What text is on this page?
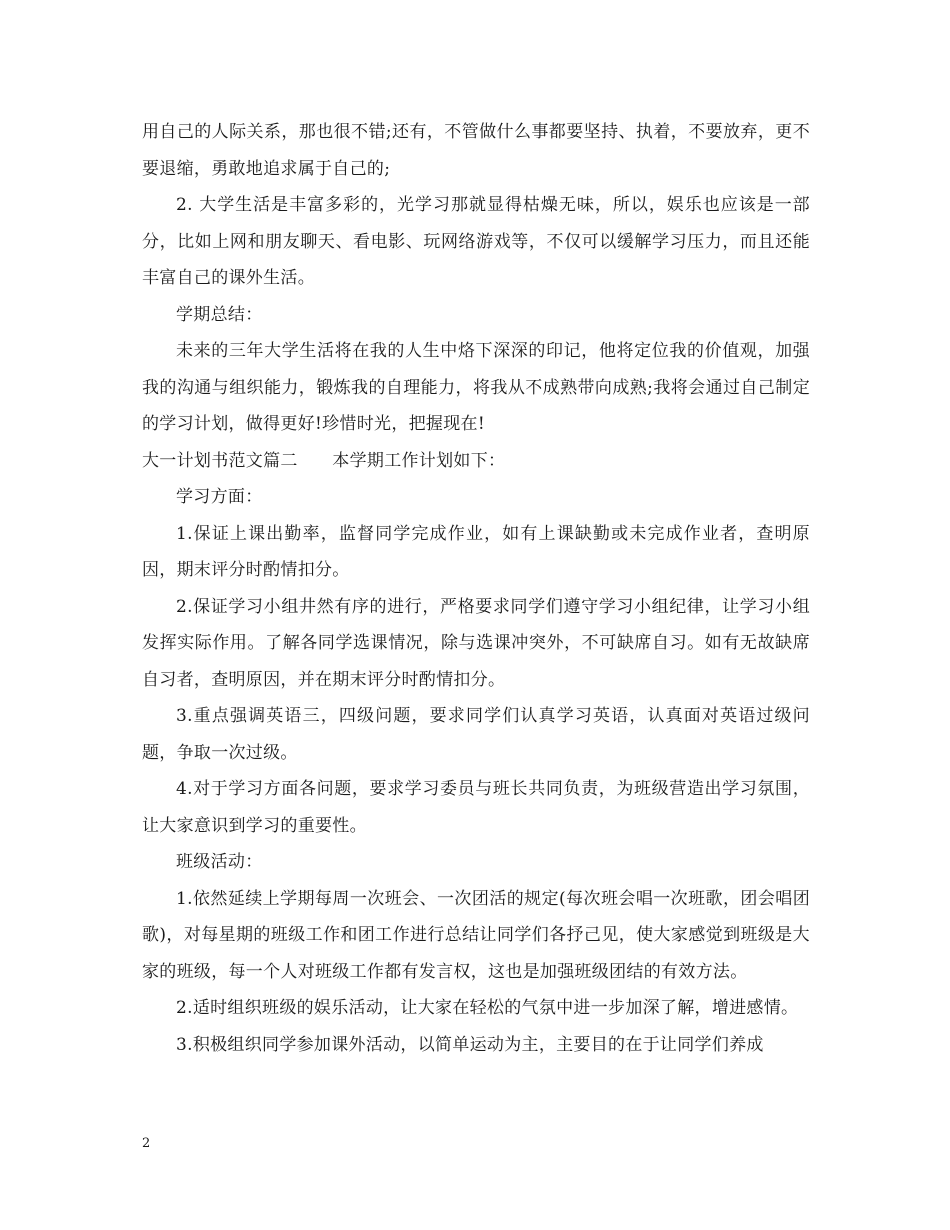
用自己的人际关系，那也很不错;还有，不管做什么事都要坚持、执着，不要放弃，更不要退缩，勇敢地追求属于自己的;

2. 大学生活是丰富多彩的，光学习那就显得枯燥无味，所以，娱乐也应该是一部分，比如上网和朋友聊天、看电影、玩网络游戏等，不仅可以缓解学习压力，而且还能丰富自己的课外生活。

学期总结：

未来的三年大学生活将在我的人生中烙下深深的印记，他将定位我的价值观，加强我的沟通与组织能力，锻炼我的自理能力，将我从不成熟带向成熟;我将会通过自己制定的学习计划，做得更好!珍惜时光，把握现在!

大一计划书范文篇二　　本学期工作计划如下：

学习方面：

1.保证上课出勤率，监督同学完成作业，如有上课缺勤或未完成作业者，查明原因，期末评分时酌情扣分。

2.保证学习小组井然有序的进行，严格要求同学们遵守学习小组纪律，让学习小组发挥实际作用。了解各同学选课情况，除与选课冲突外，不可缺席自习。如有无故缺席自习者，查明原因，并在期末评分时酌情扣分。

3.重点强调英语三，四级问题，要求同学们认真学习英语，认真面对英语过级问题，争取一次过级。

4.对于学习方面各问题，要求学习委员与班长共同负责，为班级营造出学习氛围，让大家意识到学习的重要性。

班级活动：

1.依然延续上学期每周一次班会、一次团活的规定(每次班会唱一次班歌，团会唱团歌)，对每星期的班级工作和团工作进行总结让同学们各抒己见，使大家感觉到班级是大家的班级，每一个人对班级工作都有发言权，这也是加强班级团结的有效方法。

2.适时组织班级的娱乐活动，让大家在轻松的气氛中进一步加深了解，增进感情。

3.积极组织同学参加课外活动，以简单运动为主，主要目的在于让同学们养成

2
